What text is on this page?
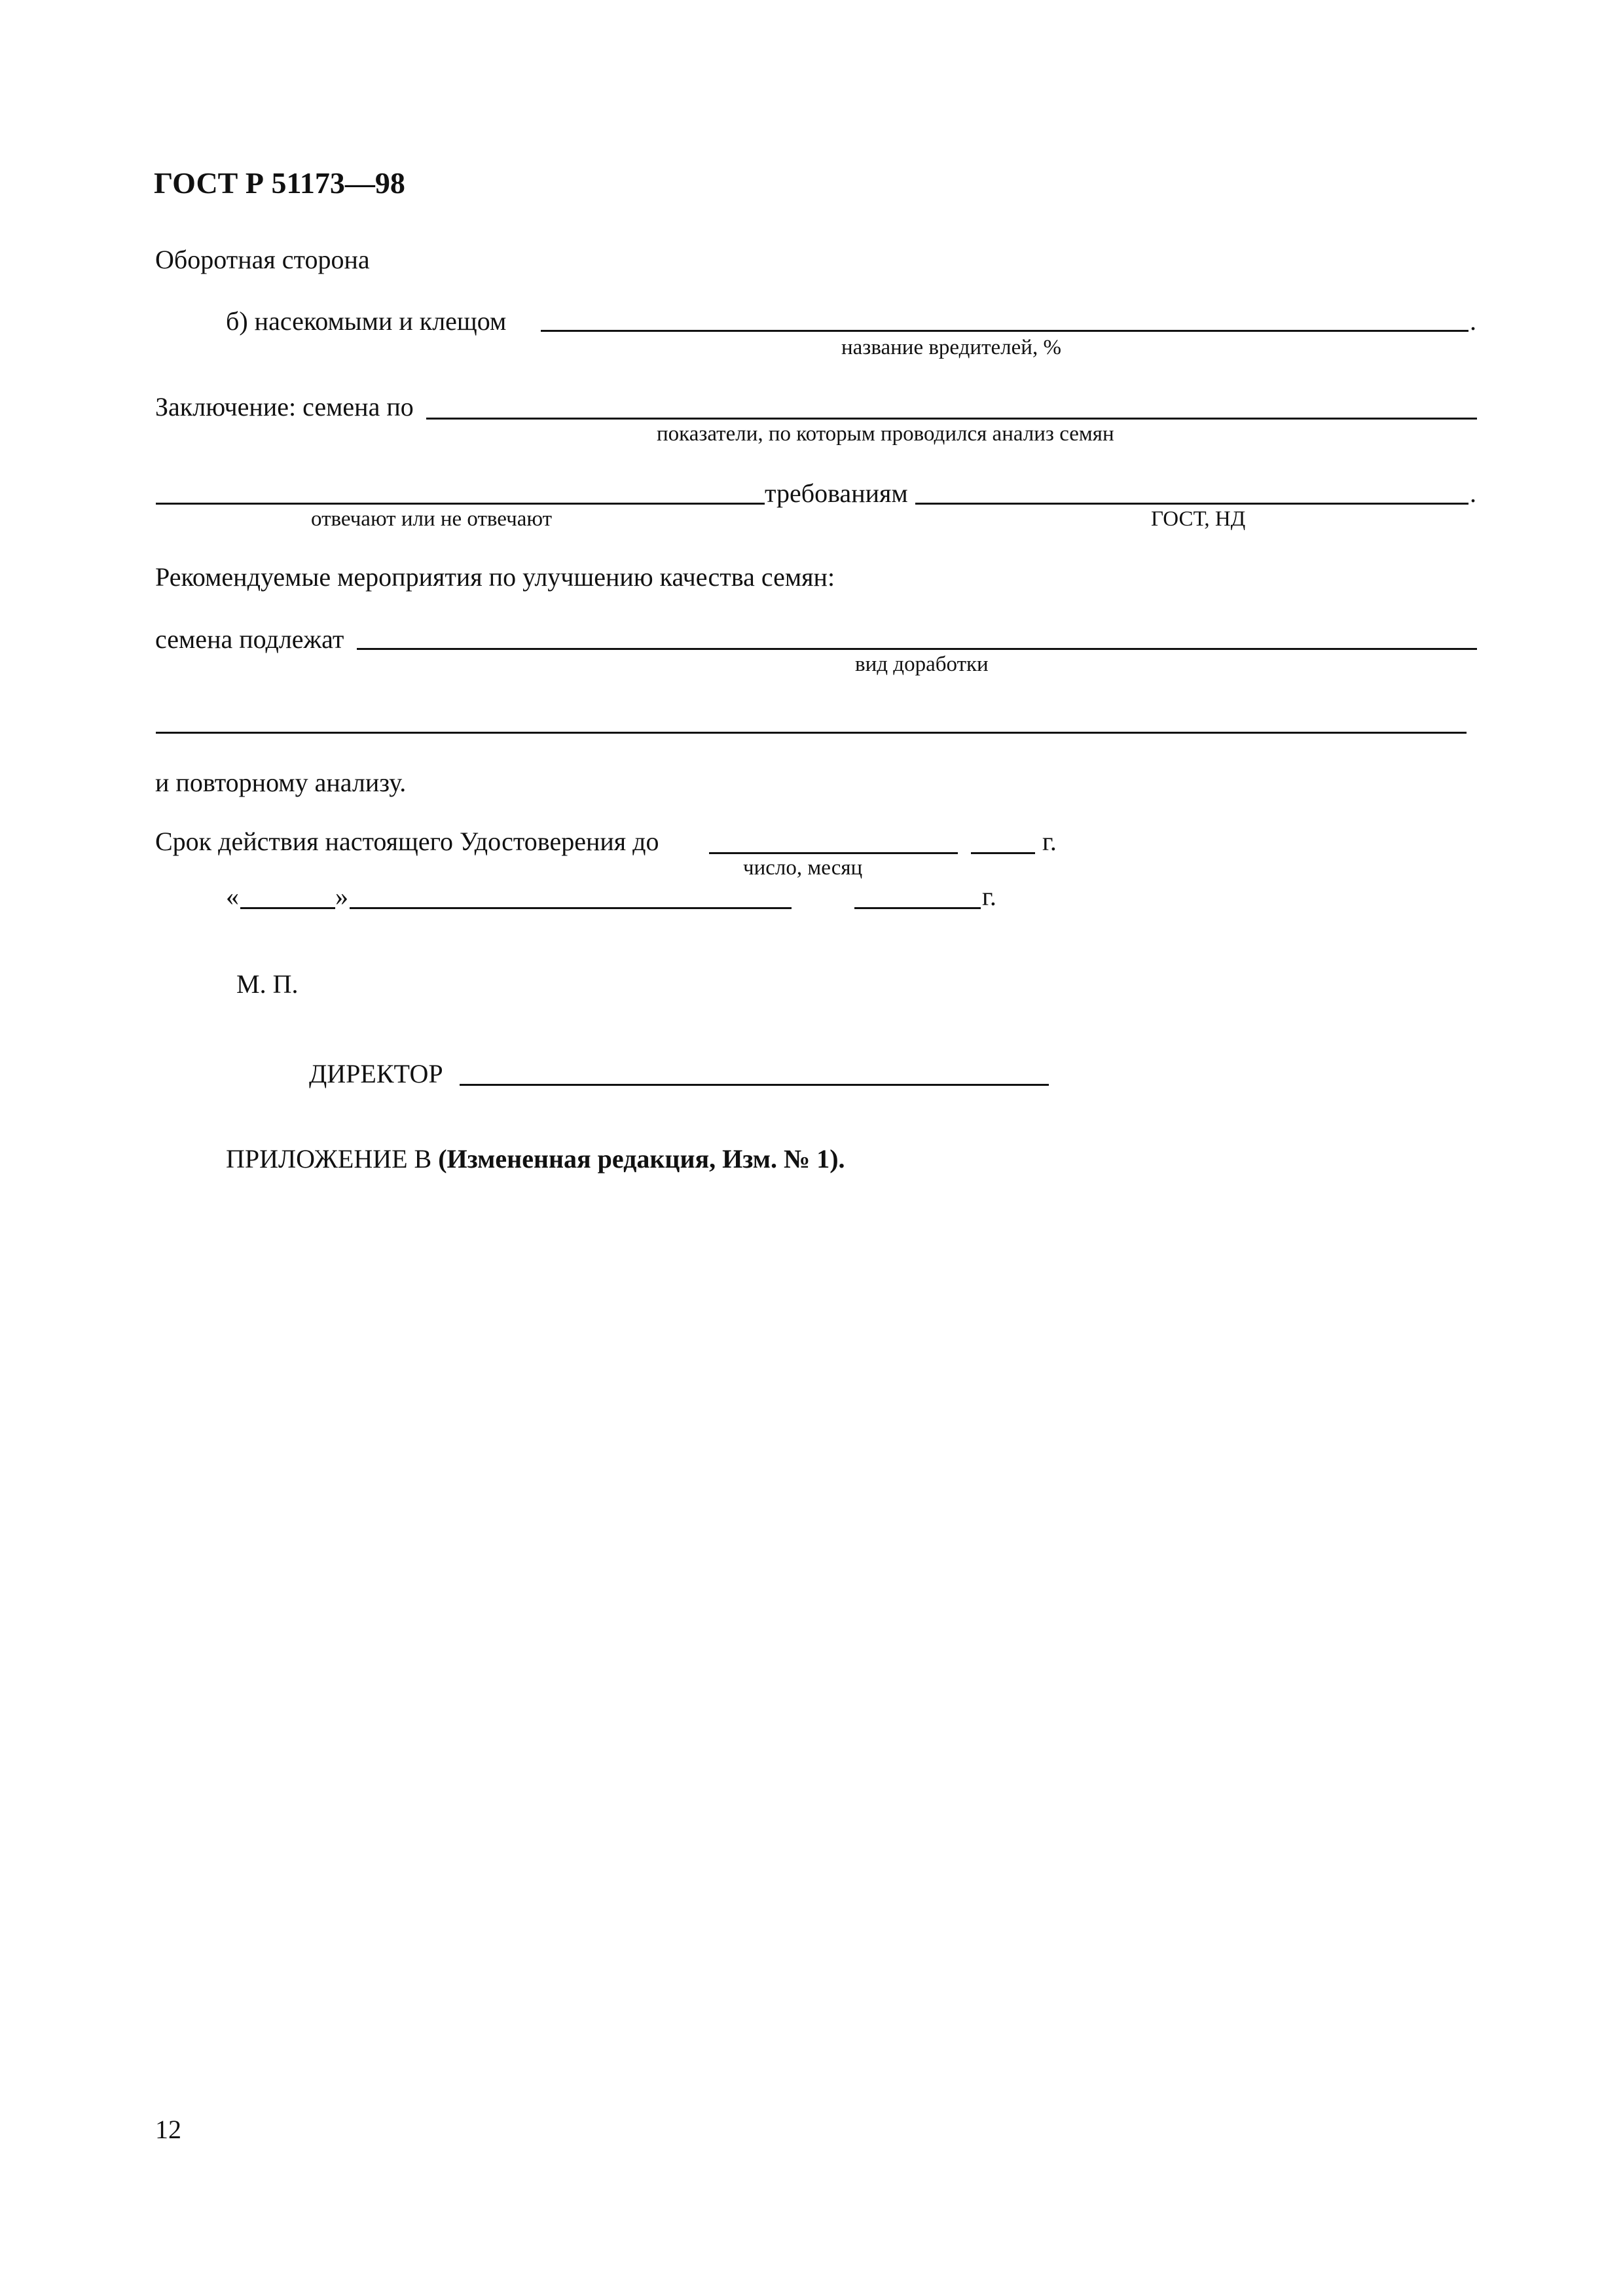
ГОСТ Р 51173—98
Оборотная сторона
б) насекомыми и клещом	.
название вредителей, %
Заключение: семена по
показатели, по которым проводился анализ семян
требованиям	.
отвечают или не отвечают	ГОСТ, НД
Рекомендуемые мероприятия по улучшению качества семян:
семена подлежат
вид доработки
и повторному анализу.
Срок действия настоящего Удостоверения до	г.
число, месяц
«	»	г.
М. П.
ДИРЕКТОР
ПРИЛОЖЕНИЕ В (Измененная редакция, Изм. № 1).
12
